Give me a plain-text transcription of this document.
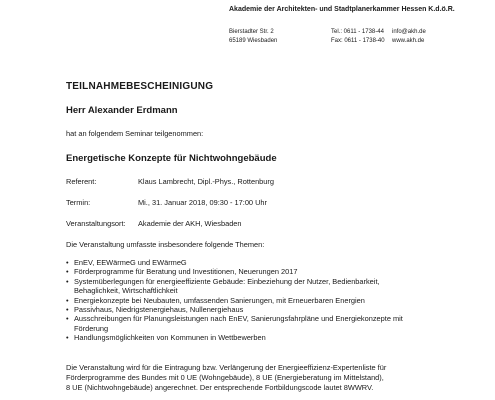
Akademie der Architekten- und Stadtplanerkammer Hessen K.d.ö.R.
Bierstadter Str. 2
65189 Wiesbaden
Tel.: 0611 - 1738-44
Fax: 0611 - 1738-40
info@akh.de
www.akh.de
TEILNAHMEBESCHEINIGUNG
Herr Alexander Erdmann
hat an folgendem Seminar teilgenommen:
Energetische Konzepte für Nichtwohngebäude
Referent:	Klaus Lambrecht, Dipl.-Phys., Rottenburg
Termin:	Mi., 31. Januar 2018, 09:30 - 17:00 Uhr
Veranstaltungsort: Akademie der AKH, Wiesbaden
Die Veranstaltung umfasste insbesondere folgende Themen:
• EnEV, EEWärmeG und EWärmeG
• Förderprogramme für Beratung und Investitionen, Neuerungen 2017
• Systemüberlegungen für energieeffiziente Gebäude: Einbeziehung der Nutzer, Bedienbarkeit,
Behaglichkeit, Wirtschaftlichkeit
• Energiekonzepte bei Neubauten, umfassenden Sanierungen, mit Erneuerbaren Energien
• Passivhaus, Niedrigstenergiehaus, Nullenergiehaus
• Ausschreibungen für Planungsleistungen nach EnEV, Sanierungsfahrpläne und Energiekonzepte mit
Förderung
• Handlungsmöglichkeiten von Kommunen in Wettbewerben
Die Veranstaltung wird für die Eintragung bzw. Verlängerung der Energieeffizienz-Expertenliste für
Förderprogramme des Bundes mit 0 UE (Wohngebäude), 8 UE (Energieberatung im Mittelstand),
8 UE (Nichtwohngebäude) angerechnet. Der entsprechende Fortbildungscode lautet 8WWRV.
